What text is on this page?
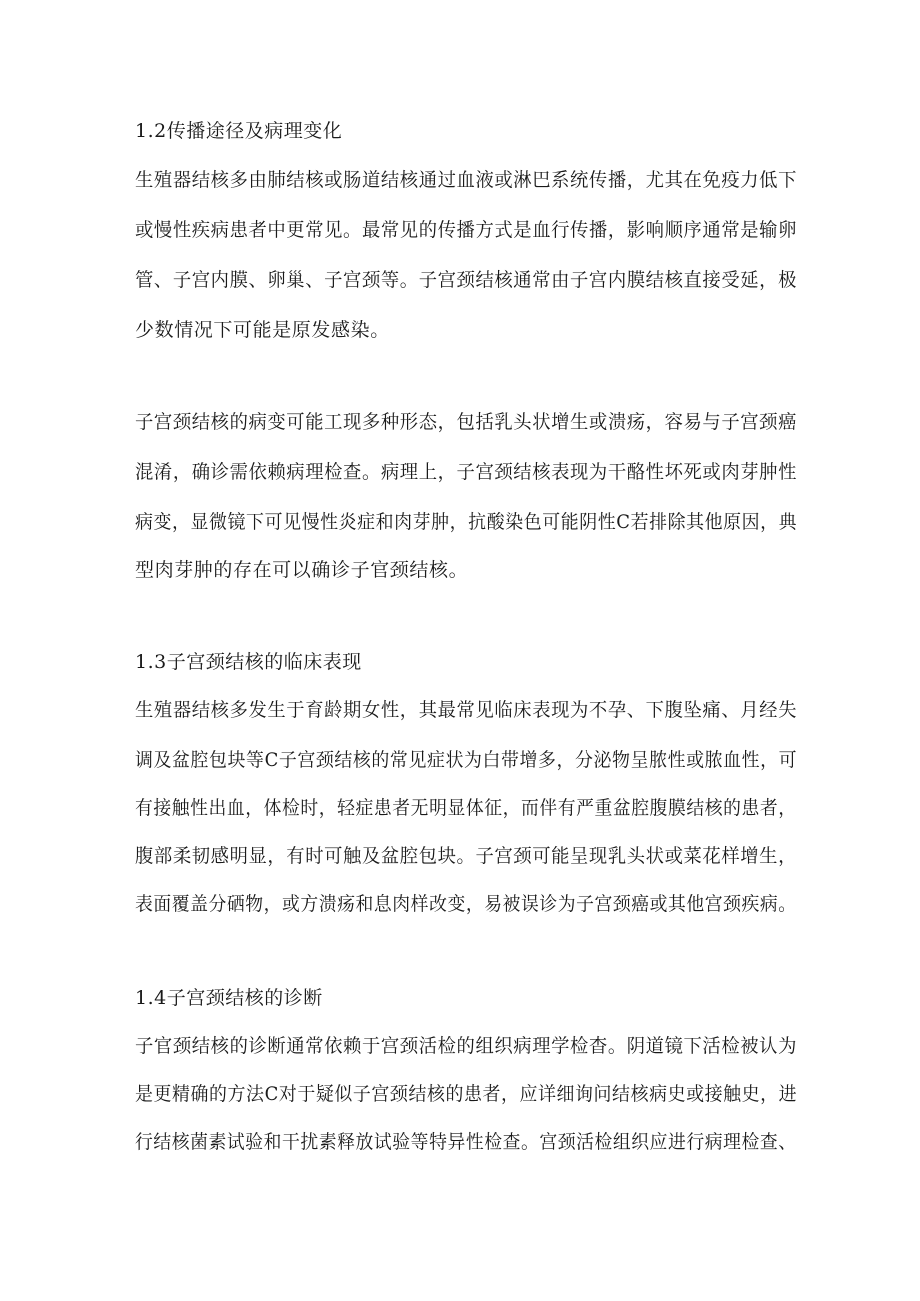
1.2传播途径及病理变化
生殖器结核多由肺结核或肠道结核通过血液或淋巴系统传播，尤其在免疫力低下
或慢性疾病患者中更常见。最常见的传播方式是血行传播，影响顺序通常是输卵
管、子宫内膜、卵巢、子宫颈等。子宫颈结核通常由子宫内膜结核直接受延，极
少数情况下可能是原发感染。
子宫颈结核的病变可能工现多种形态，包括乳头状增生或溃疡，容易与子宫颈癌
混淆，确诊需依赖病理检查。病理上，子宫颈结核表现为干酪性坏死或肉芽肿性
病变，显微镜下可见慢性炎症和肉芽肿，抗酸染色可能阴性C若排除其他原因，典
型肉芽肿的存在可以确诊子官颈结核。
1.3子宫颈结核的临床表现
生殖器结核多发生于育龄期女性，其最常见临床表现为不孕、下腹坠痛、月经失
调及盆腔包块等C子宫颈结核的常见症状为白带增多，分泌物呈脓性或脓血性，可
有接触性出血，体检时，轻症患者无明显体征，而伴有严重盆腔腹膜结核的患者，
腹部柔韧感明显，有时可触及盆腔包块。子宫颈可能呈现乳头状或菜花样增生，
表面覆盖分硒物，或方溃疡和息肉样改变，易被误诊为子宫颈癌或其他宫颈疾病。
1.4子宫颈结核的诊断
子官颈结核的诊断通常依赖于宫颈活检的组织病理学检杳。阴道镜下活检被认为
是更精确的方法C对于疑似子宫颈结核的患者，应详细询问结核病史或接触史，进
行结核菌素试验和干扰素释放试验等特异性检查。宫颈活检组织应进行病理检查、
